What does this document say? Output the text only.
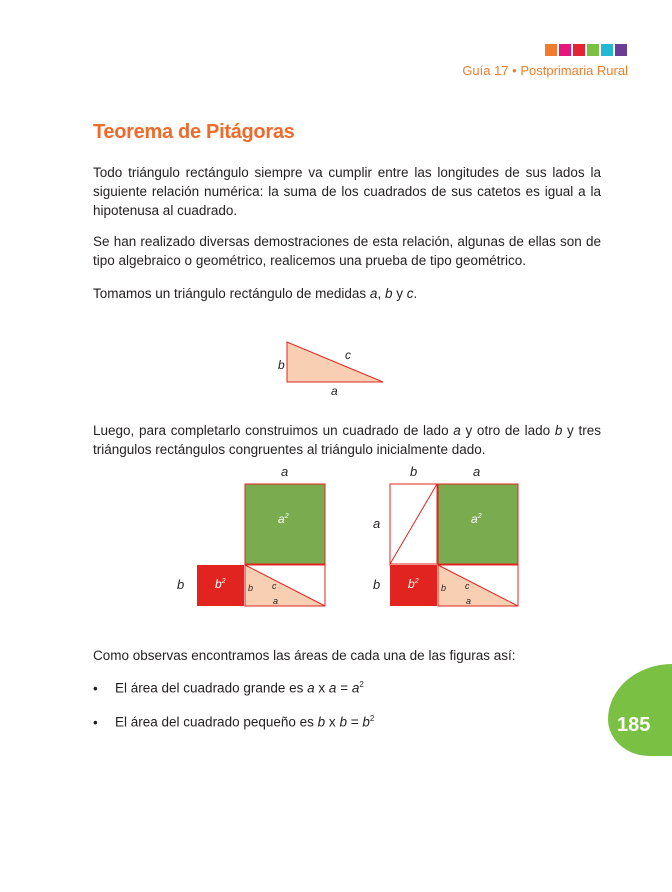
Guía 17 • Postprimaria Rural
Teorema de Pitágoras
Todo triángulo rectángulo siempre va cumplir entre las longitudes de sus lados la siguiente relación numérica: la suma de los cuadrados de sus catetos es igual a la hipotenusa al cuadrado.
Se han realizado diversas demostraciones de esta relación, algunas de ellas son de tipo algebraico o geométrico, realicemos una prueba de tipo geométrico.
Tomamos un triángulo rectángulo de medidas a, b y c.
b
c
a
Luego, para completarlo construimos un cuadrado de lado a y otro de lado b y tres triángulos rectángulos congruentes al triángulo inicialmente dado.
a
$a^2$
$b^2$
b	b c
a
b	a
$a^2$
$b^2$
a
b	b c
a
Como observas encontramos las áreas de cada una de las figuras así:
• El área del cuadrado grande es a x $a = a^2$
• El área del cuadrado pequeño es b x $b = b^2$	185
